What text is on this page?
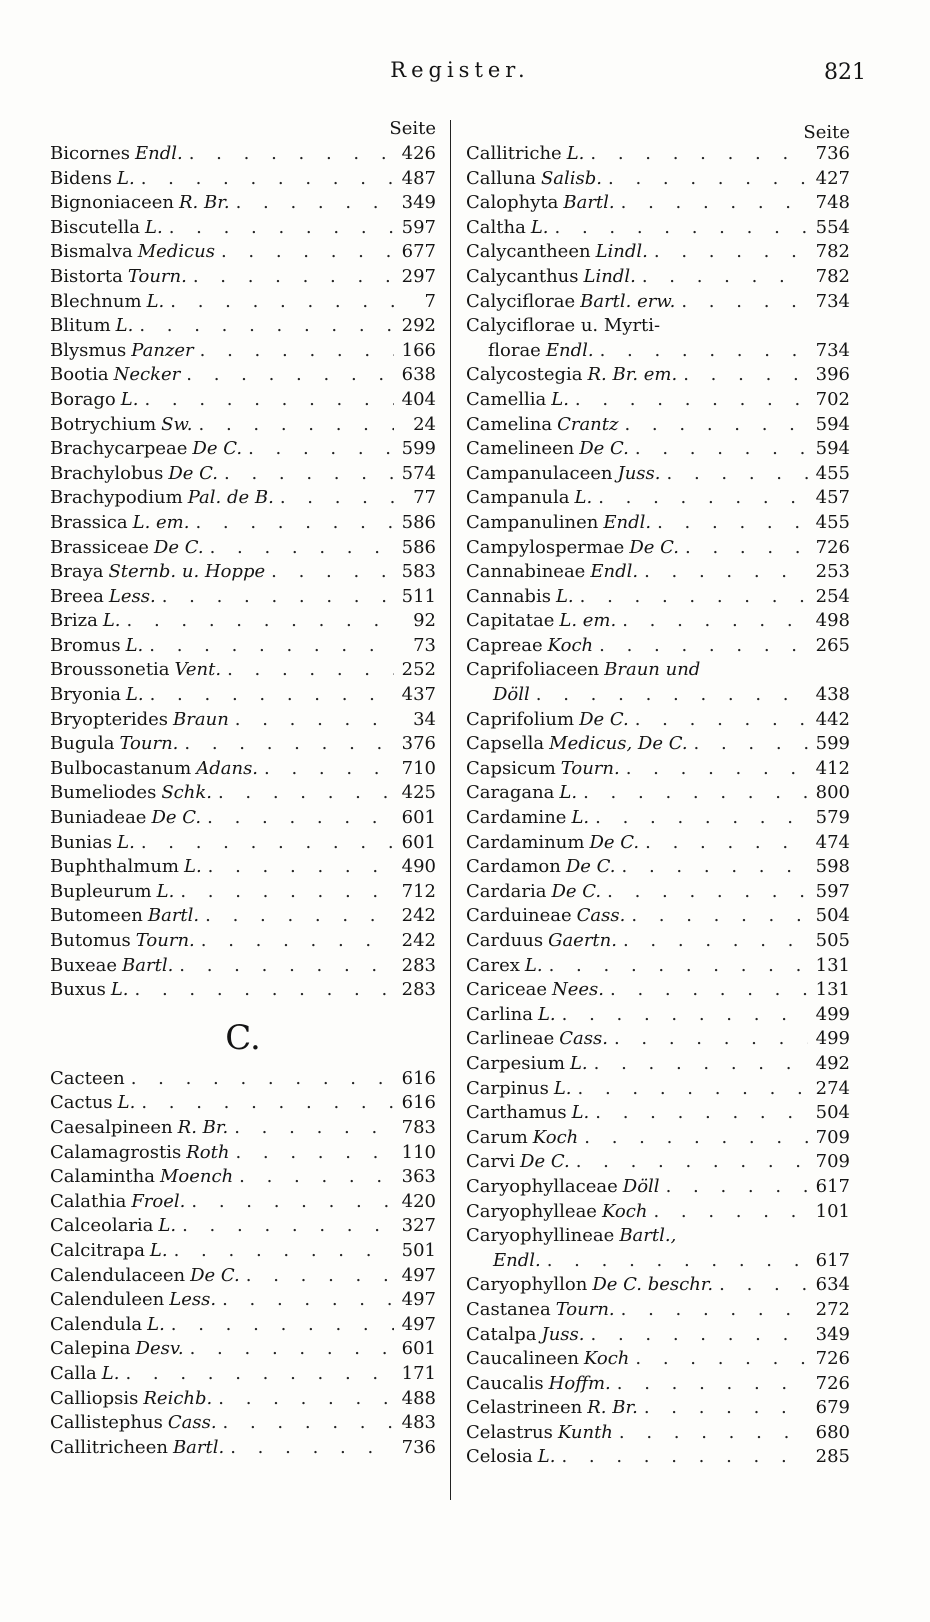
Register.	821
Seite
Bicornes Endl. . . .	426
Bidens L. . . .	487
Bignoniaceen R. Br. . . .	349
Biscutella L. . . .	597
Bismalva Medicus . . .	677
Bistorta Tourn. . . .	297
Blechnum L. . . .	7
Blitum L. . . .	292
Blysmus Panzer . . .	166
Bootia Necker . . .	638
Borago L. . . .	404
Botrychium Sw. . . .	24
Brachycarpeae De C. . . .	599
Brachylobus De C. . . .	574
Brachypodium Pal. de B. . . .	77
Brassica L. em. . . .	586
Brassiceae De C. . . .	586
Braya Sternb. u. Hoppe . . .	583
Breea Less. . . .	511
Briza L. . . .	92
Bromus L. . . .	73
Broussonetia Vent. . . .	252
Bryonia L. . . .	437
Bryopterides Braun . . .	34
Bugula Tourn. . . .	376
Bulbocastanum Adans. . . .	710
Bumeliodes Schk. . . .	425
Buniadeae De C. . . .	601
Bunias L. . . .	601
Buphthalmum L. . . .	490
Bupleurum L. . . .	712
Butomeen Bartl. . . .	242
Butomus Tourn. . . .	242
Buxeae Bartl. . . .	283
Buxus L. . . .	283
C.
Cacteen . . .	616
Cactus L. . . .	616
Caesalpineen R. Br. . . .	783
Calamagrostis Roth . . .	110
Calamintha Moench . . .	363
Calathia Froel. . . .	420
Calceolaria L. . . .	327
Calcitrapa L. . . .	501
Calendulaceen De C. . . .	497
Calenduleen Less. . . .	497
Calendula L. . . .	497
Calepina Desv. . . .	601
Calla L. . . .	171
Calliopsis Reichb. . . .	488
Callistephus Cass. . . .	483
Callitricheen Bartl. . . .	736
Seite
Callitriche L. . . .	736
Calluna Salisb. . . .	427
Calophyta Bartl. . . .	748
Caltha L. . . .	554
Calycantheen Lindl. . . .	782
Calycanthus Lindl. . . .	782
Calyciflorae Bartl. erw. . . .	734
Calyciflorae u. Myrti-
florae Endl. . . .	734
Calycostegia R. Br. em. . . .	396
Camellia L. . . .	702
Camelina Crantz . . .	594
Camelineen De C. . . .	594
Campanulaceen Juss. . . .	455
Campanula L. . . .	457
Campanulinen Endl. . . .	455
Campylospermae De C. . . .	726
Cannabineae Endl. . . .	253
Cannabis L. . . .	254
Capitatae L. em. . . .	498
Capreae Koch . . .	265
Caprifoliaceen Braun und
Döll . . .	438
Caprifolium De C. . . .	442
Capsella Medicus, De C. . . .	599
Capsicum Tourn. . . .	412
Caragana L. . . .	800
Cardamine L. . . .	579
Cardaminum De C. . . .	474
Cardamon De C. . . .	598
Cardaria De C. . . .	597
Carduineae Cass. . . .	504
Carduus Gaertn. . . .	505
Carex L. . . .	131
Cariceae Nees. . . .	131
Carlina L. . . .	499
Carlineae Cass. . . .	499
Carpesium L. . . .	492
Carpinus L. . . .	274
Carthamus L. . . .	504
Carum Koch . . .	709
Carvi De C. . . .	709
Caryophyllaceae Döll . . .	617
Caryophylleae Koch . . .	101
Caryophyllineae Bartl.,
Endl. . . .	617
Caryophyllon De C. beschr. . . .	634
Castanea Tourn. . . .	272
Catalpa Juss. . . .	349
Caucalineen Koch . . .	726
Caucalis Hoffm. . . .	726
Celastrineen R. Br. . . .	679
Celastrus Kunth . . .	680
Celosia L. . . .	285
